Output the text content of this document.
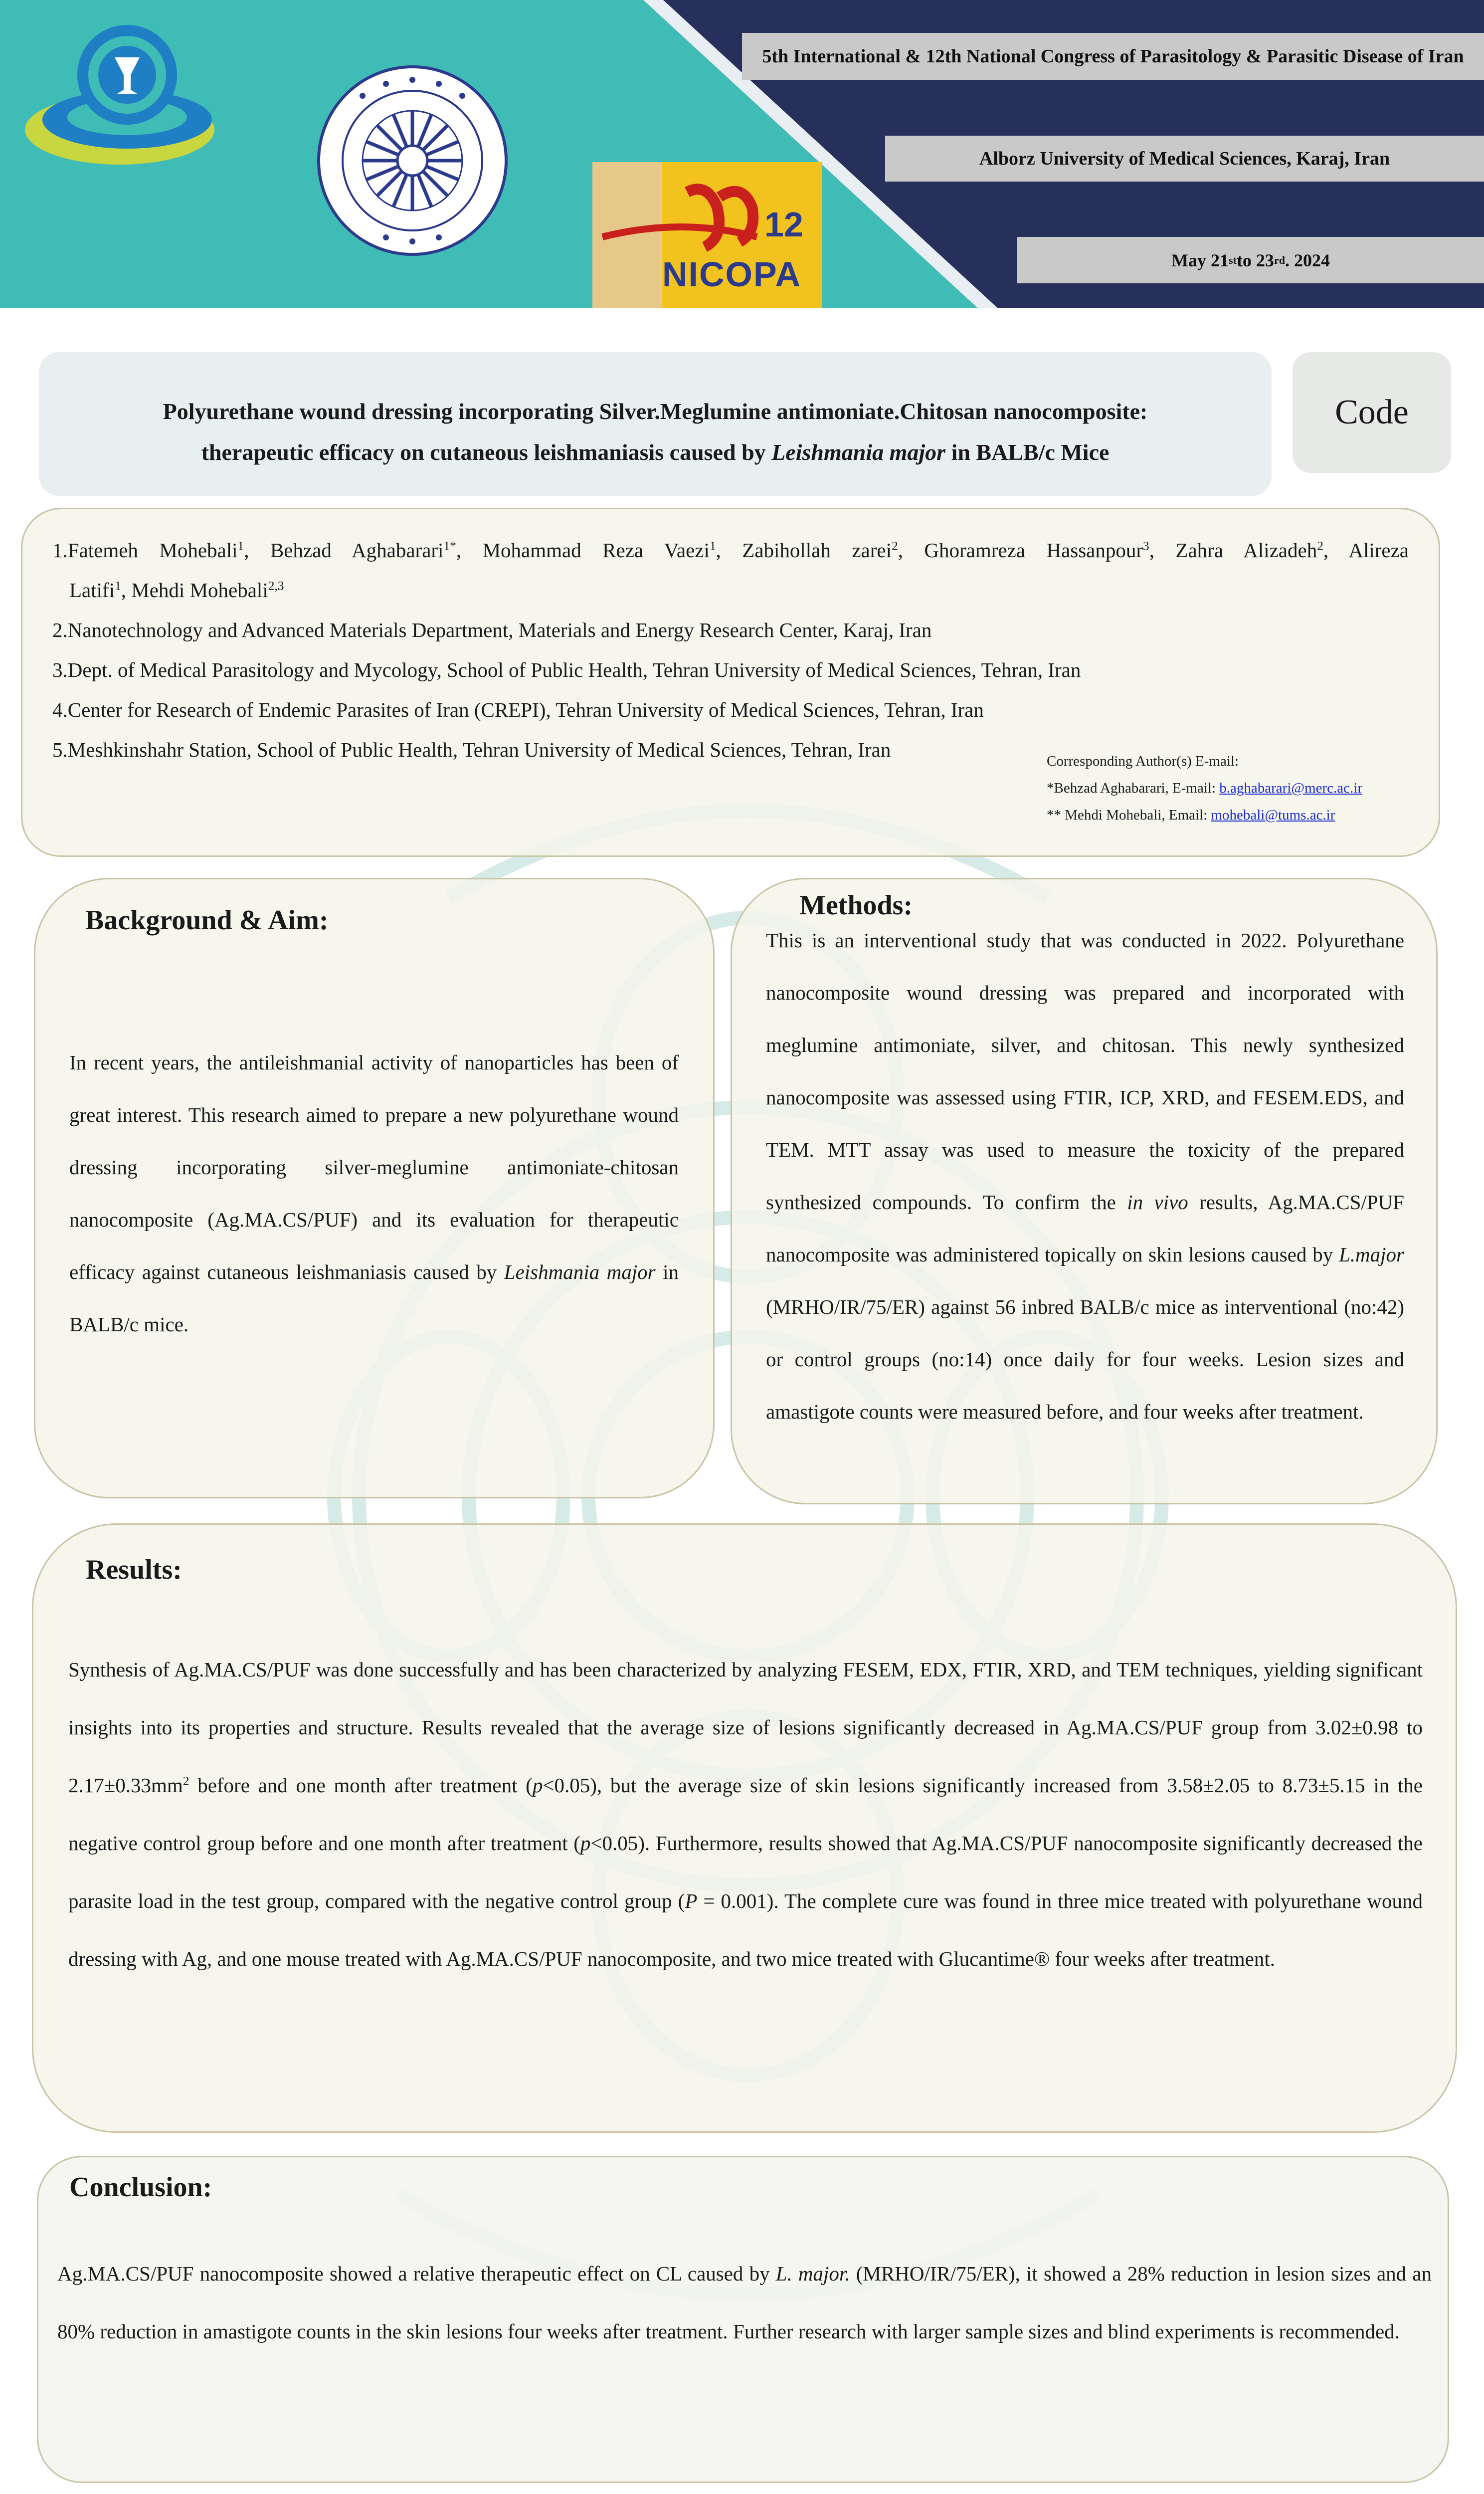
12
NICOPA
5th International & 12th National Congress of Parasitology & Parasitic Disease of Iran
Alborz University of Medical Sciences, Karaj, Iran
May 21 st to 23 rd . 2024
Polyurethane wound dressing incorporating Silver.Meglumine antimoniate.Chitosan nanocomposite:
therapeutic efficacy on cutaneous leishmaniasis caused by Leishmania major in BALB/c Mice
Code
1.Fatemeh Mohebali$^1$, Behzad Aghabarari$^{1*}$, Mohammad Reza Vaezi$^1$, Zabihollah zarei$^2$, Ghoramreza Hassanpour$^3$, Zahra Alizadeh$^2$, Alireza
Latifi$^1$, Mehdi Mohebali$^{2,3}$
2.Nanotechnology and Advanced Materials Department, Materials and Energy Research Center, Karaj, Iran
3.Dept. of Medical Parasitology and Mycology, School of Public Health, Tehran University of Medical Sciences, Tehran, Iran
4.Center for Research of Endemic Parasites of Iran (CREPI), Tehran University of Medical Sciences, Tehran, Iran
5.Meshkinshahr Station, School of Public Health, Tehran University of Medical Sciences, Tehran, Iran	Corresponding Author(s) E-mail:
*Behzad Aghabarari, E-mail: b.aghabarari@merc.ac.ir
** Mehdi Mohebali, Email: mohebali@tums.ac.ir
Background & Aim:
In recent years, the antileishmanial activity of nanoparticles has been of great interest. This research aimed to prepare a new polyurethane wound dressing incorporating silver-meglumine antimoniate-chitosan nanocomposite (Ag.MA.CS/PUF) and its evaluation for therapeutic efficacy against cutaneous leishmaniasis caused by Leishmania major in BALB/c mice.
Methods:
This is an interventional study that was conducted in 2022. Polyurethane nanocomposite wound dressing was prepared and incorporated with meglumine antimoniate, silver, and chitosan. This newly synthesized nanocomposite was assessed using FTIR, ICP, XRD, and FESEM.EDS, and TEM. MTT assay was used to measure the toxicity of the prepared synthesized compounds. To confirm the in vivo results, Ag.MA.CS/PUF nanocomposite was administered topically on skin lesions caused by L.major (MRHO/IR/75/ER) against 56 inbred BALB/c mice as interventional (no:42) or control groups (no:14) once daily for four weeks. Lesion sizes and amastigote counts were measured before, and four weeks after treatment.
Results:
Synthesis of Ag.MA.CS/PUF was done successfully and has been characterized by analyzing FESEM, EDX, FTIR, XRD, and TEM techniques, yielding significant insights into its properties and structure. Results revealed that the average size of lesions significantly decreased in Ag.MA.CS/PUF group from 3.02±0.98 to $2.17\pm 0.33mm^2$ before and one month after treatment (p<0.05), but the average size of skin lesions significantly increased from 3.58±2.05 to 8.73±5.15 in the negative control group before and one month after treatment (p<0.05). Furthermore, results showed that Ag.MA.CS/PUF nanocomposite significantly decreased the parasite load in the test group, compared with the negative control group (P = 0.001). The complete cure was found in three mice treated with polyurethane wound dressing with Ag, and one mouse treated with Ag.MA.CS/PUF nanocomposite, and two mice treated with Glucantime® four weeks after treatment.
Conclusion:
Ag.MA.CS/PUF nanocomposite showed a relative therapeutic effect on CL caused by L. major. (MRHO/IR/75/ER), it showed a 28% reduction in lesion sizes and an 80% reduction in amastigote counts in the skin lesions four weeks after treatment. Further research with larger sample sizes and blind experiments is recommended.
